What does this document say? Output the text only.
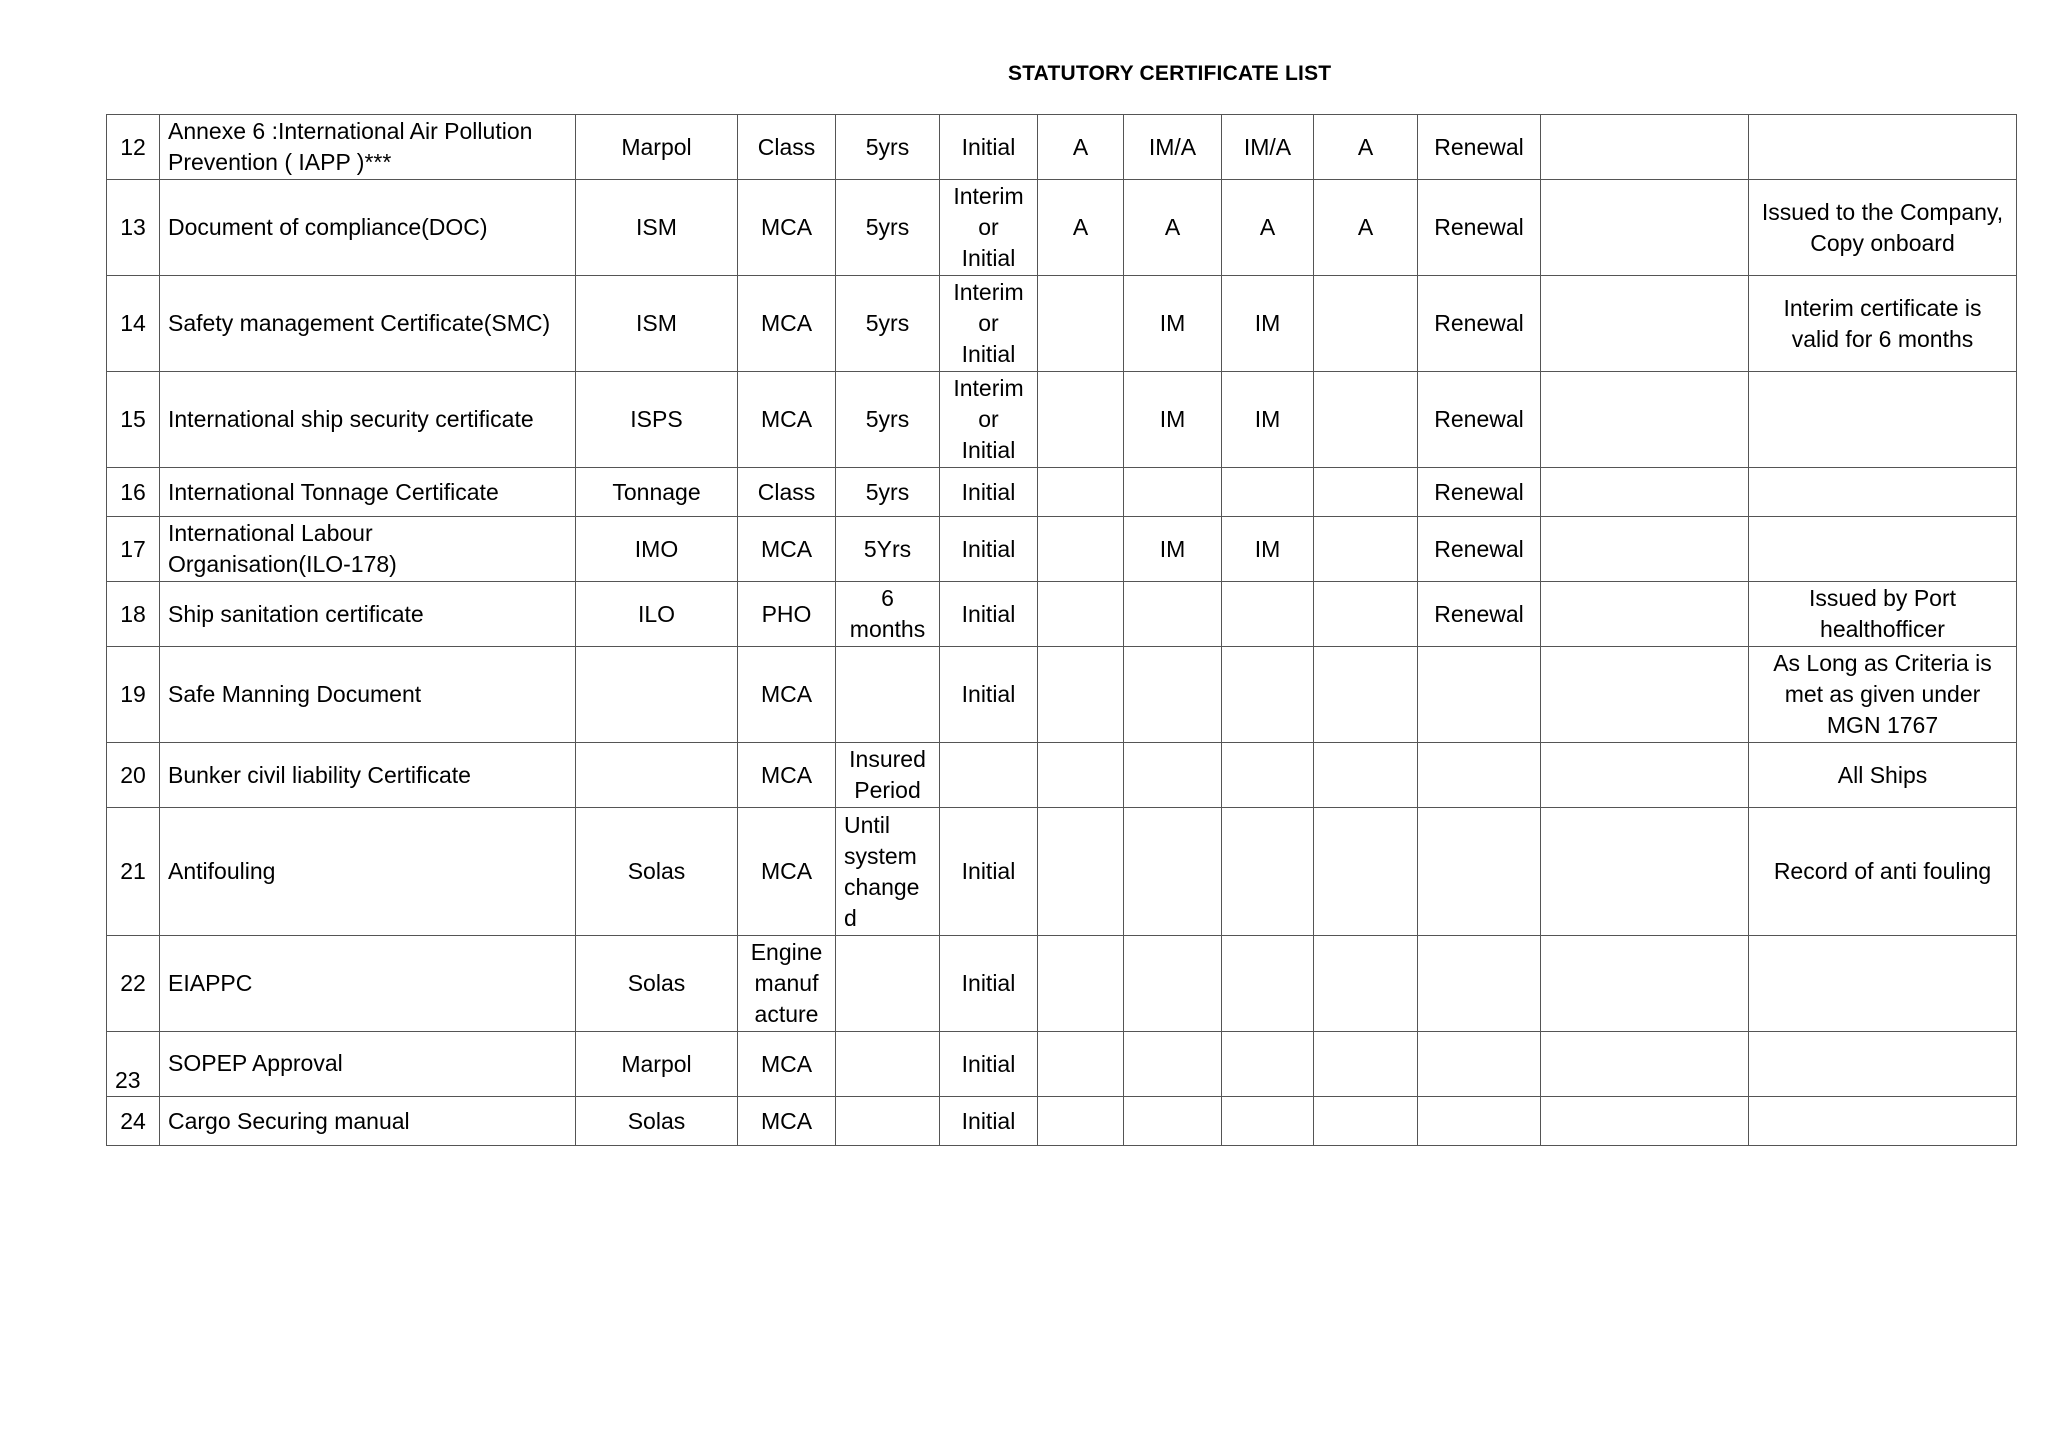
STATUTORY CERTIFICATE LIST
12	Annexe 6 :International Air Pollution
Prevention ( IAPP )***	Marpol	Class	5yrs	Initial	A	IM/A	IM/A	A	Renewal		
13	Document of compliance(DOC)	ISM	MCA	5yrs	Interim
or
Initial	A	A	A	A	Renewal		Issued to the Company,
Copy onboard
14	Safety management Certificate(SMC)	ISM	MCA	5yrs	Interim
or
Initial		IM	IM		Renewal		Interim certificate is
valid for 6 months
15	International ship security certificate	ISPS	MCA	5yrs	Interim
or
Initial		IM	IM		Renewal		
16	International Tonnage Certificate	Tonnage	Class	5yrs	Initial					Renewal		
17	International Labour
Organisation(ILO-178)	IMO	MCA	5Yrs	Initial		IM	IM		Renewal		
18	Ship sanitation certificate	ILO	PHO	6
months	Initial					Renewal		Issued by Port
healthofficer
19	Safe Manning Document		MCA		Initial							As Long as Criteria is
met as given under
MGN 1767
20	Bunker civil liability Certificate		MCA	Insured
Period								All Ships
21	Antifouling	Solas	MCA	Until
system
change
d	Initial							Record of anti fouling
22	EIAPPC	Solas	Engine
manuf
acture		Initial							
23	SOPEP Approval	Marpol	MCA		Initial							
24	Cargo Securing manual	Solas	MCA		Initial							
